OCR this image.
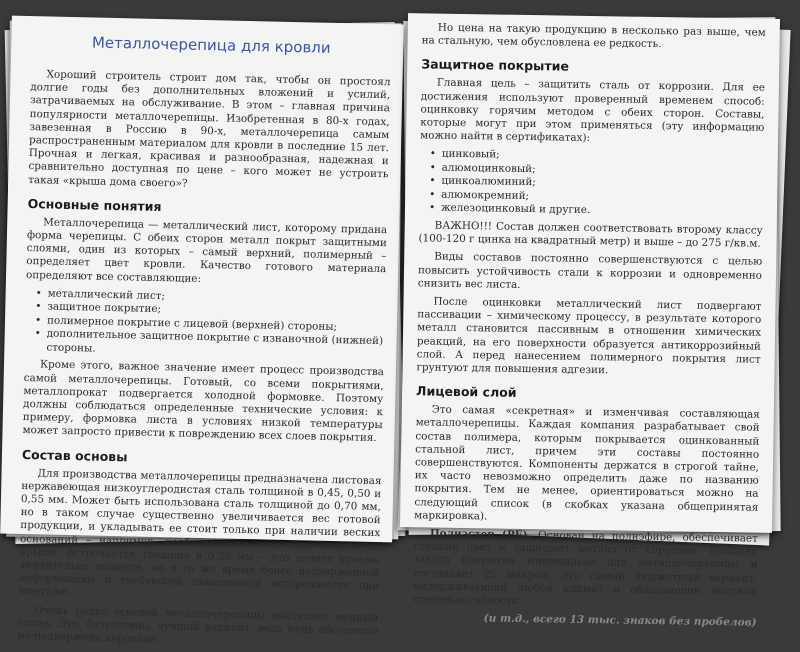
Металлочерепица для кровли

Хороший строитель строит дом так, чтобы он простоял долгие годы без дополнительных вложений и усилий, затрачиваемых на обслуживание. В этом – главная причина популярности металлочерепицы. Изобретенная в 80-х годах, завезенная в Россию в 90-х, металлочерепица самым распространенным материалом для кровли в последние 15 лет. Прочная и легкая, красивая и разнообразная, надежная и сравнительно доступная по цене – кого может не устроить такая «крыша дома своего»?

Основные понятия

Металлочерепица — металлический лист, которому придана форма черепицы. С обеих сторон металл покрыт защитными слоями, один из которых – самый верхний, полимерный – определяет цвет кровли. Качество готового материала определяют все составляющие:

• металлический лист;
• защитное покрытие;
• полимерное покрытие с лицевой (верхней) стороны;
• дополнительное защитное покрытие с изнаночной (нижней) стороны.

Кроме этого, важное значение имеет процесс производства самой металлочерепицы. Готовый, со всеми покрытиями, металлопрокат подвергается холодной формовке. Поэтому должны соблюдаться определенные технические условия: к примеру, формовка листа в условиях низкой температуры может запросто привести к повреждению всех слоев покрытия.

Состав основы

Для производства металлочерепицы предназначена листовая нержавеющая низкоуглеродистая сталь толщиной в 0,45, 0,50 и 0,55 мм. Может быть использована сталь толщиной до 0,70 мм, но в таком случае существенно увеличивается вес готовой продукции, и укладывать ее стоит только при наличии веских оснований – например, необходимости постоянно ходить по крыше. Встречается толщина в 0,35 мм – что делает кровлю значительно дешевле, но в то же время более подверженной деформациям и требующей повышенной осторожности при монтаже.

Очень редко основой металлочерепицы выступает медный сплав. Это, безусловно, лучший вариант, ведь медь абсолютно не подвержена коррозии.

Но цена на такую продукцию в несколько раз выше, чем на стальную, чем обусловлена ее редкость.

Защитное покрытие

Главная цель – защитить сталь от коррозии. Для ее достижения используют проверенный временем способ: оцинковку горячим методом с обеих сторон. Составы, которые могут при этом применяться (эту информацию можно найти в сертификатах):

• цинковый;
• алюмоцинковый;
• цинкоалюминий;
• алюмокремний;
• железоцинковый и другие.

ВАЖНО!!! Состав должен соответствовать второму классу (100-120 г цинка на квадратный метр) и выше – до 275 г/кв.м.

Виды составов постоянно совершенствуются с целью повысить устойчивость стали к коррозии и одновременно снизить вес листа.

После оцинковки металлический лист подвергают пассивации – химическому процессу, в результате которого металл становится пассивным в отношении химических реакций, на его поверхности образуется антикоррозийный слой. А перед нанесением полимерного покрытия лист грунтуют для повышения адгезии.

Лицевой слой

Это самая «секретная» и изменчивая составляющая металлочерепицы. Каждая компания разрабатывает свой состав полимера, которым покрывается оцинкованный стальной лист, причем эти составы постоянно совершенствуются. Компоненты держатся в строгой тайне, их часто невозможно определить даже по названию покрытия. Тем не менее, ориентироваться можно на следующий список (в скобках указана общепринятая маркировка).

Полиэстер (PE). Основан на полиэфире, обеспечивает стойкий цвет и защищает металл от коррозии. Толщина такого покрытия минимальна для металлочерепицы и составляет 25 микрон. Это самый бюджетный вариант, выдерживающий любой климат и обладающий высокой степенью гибкости.

(и т.д., всего 13 тыс. знаков без пробелов)
